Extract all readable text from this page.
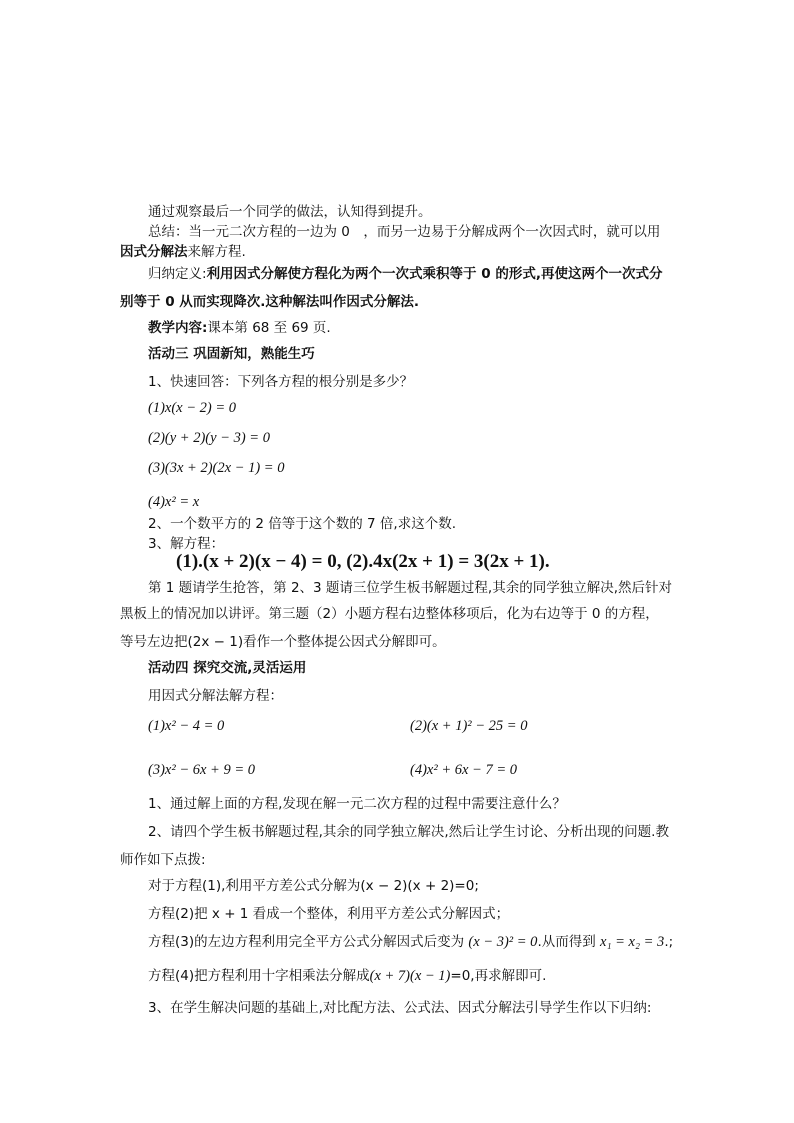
通过观察最后一个同学的做法，认知得到提升。
总结：当一元二次方程的一边为 0　，而另一边易于分解成两个一次因式时，就可以用
因式分解法来解方程.
归纳定义:利用因式分解使方程化为两个一次式乘积等于 0 的形式,再使这两个一次式分
别等于 0 从而实现降次.这种解法叫作因式分解法.
教学内容:课本第 68 至 69 页.
活动三 巩固新知，熟能生巧
1、快速回答：下列各方程的根分别是多少？
(1)x(x − 2) = 0
(2)(y + 2)(y − 3) = 0
(3)(3x + 2)(2x − 1) = 0
(4)x² = x
2、一个数平方的 2 倍等于这个数的 7 倍,求这个数.
3、解方程：
(1).(x + 2)(x − 4) = 0, (2).4x(2x + 1) = 3(2x + 1).
第 1 题请学生抢答，第 2、3 题请三位学生板书解题过程,其余的同学独立解决,然后针对
黑板上的情况加以讲评。第三题（2）小题方程右边整体移项后，化为右边等于 0 的方程，
等号左边把(2x − 1)看作一个整体提公因式分解即可。
活动四 探究交流,灵活运用
用因式分解法解方程：
(1)x² − 4 = 0	(2)(x + 1)² − 25 = 0
(3)x² − 6x + 9 = 0	(4)x² + 6x − 7 = 0
1、通过解上面的方程,发现在解一元二次方程的过程中需要注意什么？
2、请四个学生板书解题过程,其余的同学独立解决,然后让学生讨论、分析出现的问题.教
师作如下点拨:
对于方程(1),利用平方差公式分解为(x − 2)(x + 2)=0;
方程(2)把 x + 1 看成一个整体，利用平方差公式分解因式；
方程(3)的左边方程利用完全平方公式分解因式后变为 (x − 3)² = 0.从而得到 x₁ = x₂ = 3.;
方程(4)把方程利用十字相乘法分解成(x + 7)(x − 1)=0,再求解即可.
3、在学生解决问题的基础上,对比配方法、公式法、因式分解法引导学生作以下归纳:
